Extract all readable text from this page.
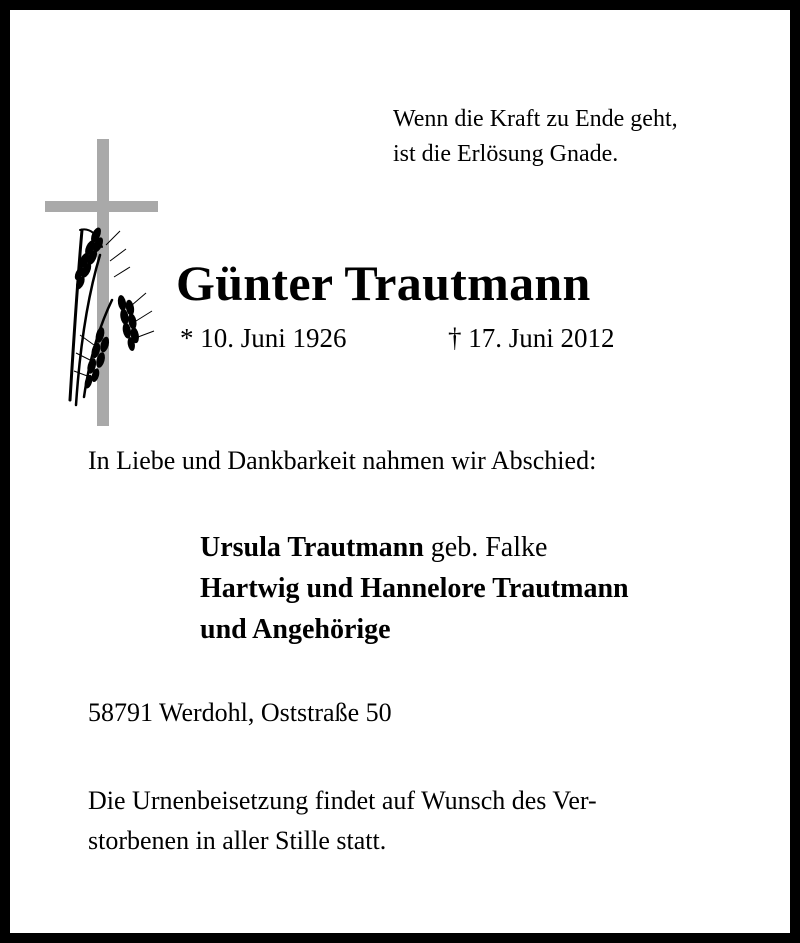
Wenn die Kraft zu Ende geht,
ist die Erlösung Gnade.
Günter Trautmann
* 10. Juni 1926	† 17. Juni 2012
In Liebe und Dankbarkeit nahmen wir Abschied:
Ursula Trautmann geb. Falke
Hartwig und Hannelore Trautmann
und Angehörige
58791 Werdohl, Oststraße 50
Die Urnenbeisetzung findet auf Wunsch des Ver-
storbenen in aller Stille statt.
